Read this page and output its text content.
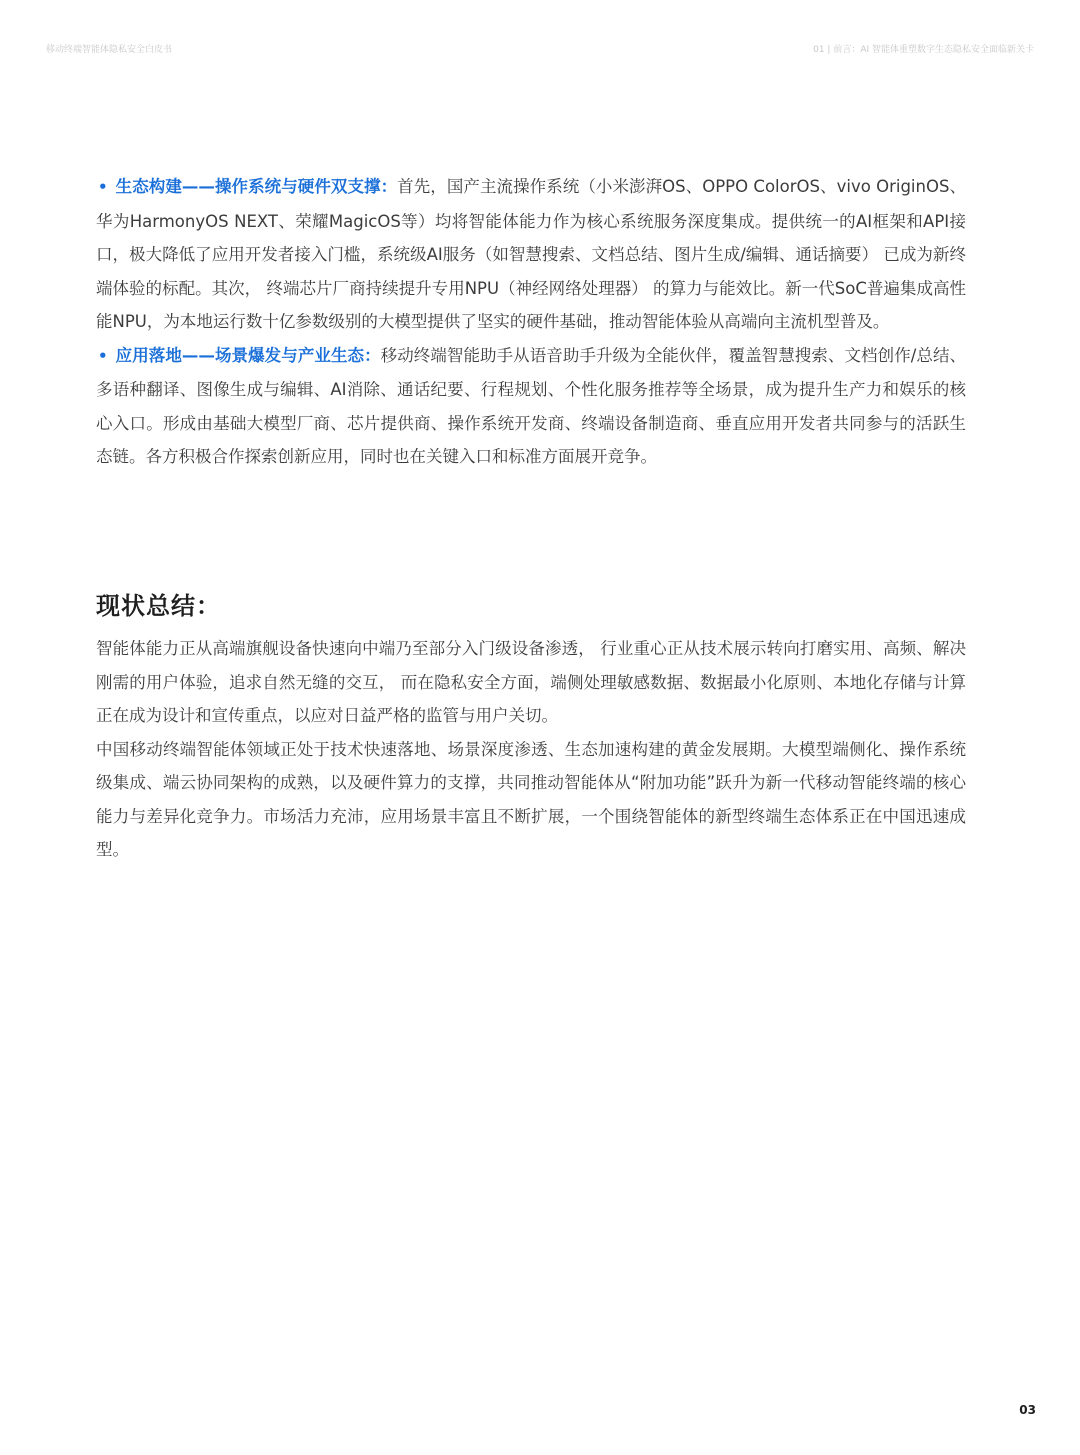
移动终端智能体隐私安全白皮书	01 | 前言：AI 智能体重塑数字生态隐私安全面临新关卡
• 生态构建——操作系统与硬件双支撑：首先，国产主流操作系统（小米澎湃OS、OPPO ColorOS、vivo OriginOS、华为HarmonyOS NEXT、荣耀MagicOS等）均将智能体能力作为核心系统服务深度集成。提供统一的AI框架和API接口，极大降低了应用开发者接入门槛，系统级AI服务（如智慧搜索、文档总结、图片生成/编辑、通话摘要） 已成为新终端体验的标配。其次， 终端芯片厂商持续提升专用NPU（神经网络处理器） 的算力与能效比。新一代SoC普遍集成高性能NPU，为本地运行数十亿参数级别的大模型提供了坚实的硬件基础，推动智能体验从高端向主流机型普及。
• 应用落地——场景爆发与产业生态：移动终端智能助手从语音助手升级为全能伙伴，覆盖智慧搜索、文档创作/总结、多语种翻译、图像生成与编辑、AI消除、通话纪要、行程规划、个性化服务推荐等全场景，成为提升生产力和娱乐的核心入口。形成由基础大模型厂商、芯片提供商、操作系统开发商、终端设备制造商、垂直应用开发者共同参与的活跃生态链。各方积极合作探索创新应用，同时也在关键入口和标准方面展开竞争。
现状总结：

智能体能力正从高端旗舰设备快速向中端乃至部分入门级设备渗透， 行业重心正从技术展示转向打磨实用、高频、解决刚需的用户体验，追求自然无缝的交互， 而在隐私安全方面，端侧处理敏感数据、数据最小化原则、本地化存储与计算正在成为设计和宣传重点，以应对日益严格的监管与用户关切。

中国移动终端智能体领域正处于技术快速落地、场景深度渗透、生态加速构建的黄金发展期。大模型端侧化、操作系统级集成、端云协同架构的成熟，以及硬件算力的支撑，共同推动智能体从“附加功能”跃升为新一代移动智能终端的核心能力与差异化竞争力。市场活力充沛，应用场景丰富且不断扩展，一个围绕智能体的新型终端生态体系正在中国迅速成型。

03
